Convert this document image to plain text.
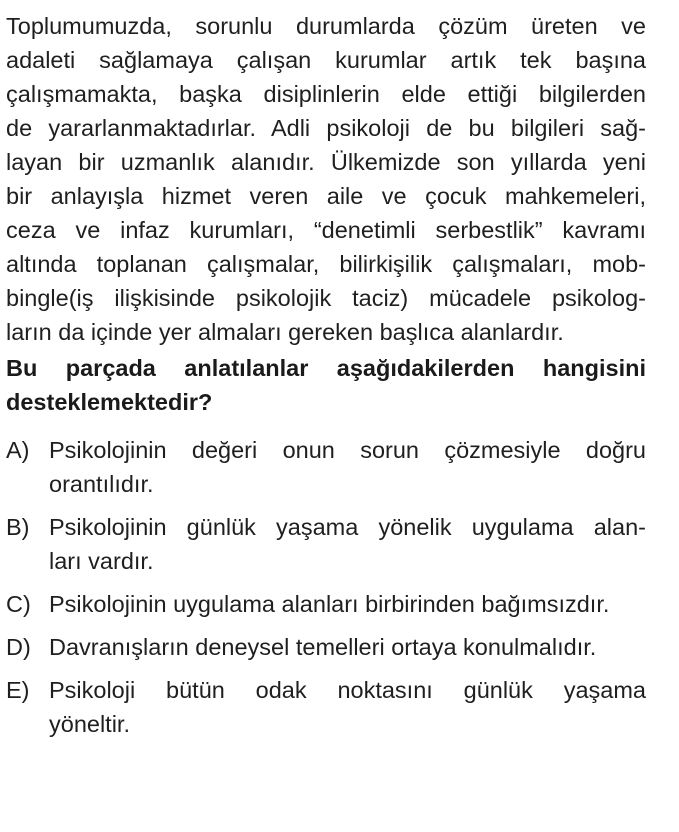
Toplumumuzda, sorunlu durumlarda çözüm üreten ve
adaleti sağlamaya çalışan kurumlar artık tek başına
çalışmamakta, başka disiplinlerin elde ettiği bilgilerden
de yararlanmaktadırlar. Adli psikoloji de bu bilgileri sağ-
layan bir uzmanlık alanıdır. Ülkemizde son yıllarda yeni
bir anlayışla hizmet veren aile ve çocuk mahkemeleri,
ceza ve infaz kurumları, “denetimli serbestlik” kavramı
altında toplanan çalışmalar, bilirkişilik çalışmaları, mob-
bingle(iş ilişkisinde psikolojik taciz) mücadele psikolog-
ların da içinde yer almaları gereken başlıca alanlardır.
Bu parçada anlatılanlar aşağıdakilerden hangisini
desteklemektedir?
A) Psikolojinin değeri onun sorun çözmesiyle doğru
orantılıdır.
B) Psikolojinin günlük yaşama yönelik uygulama alan-
ları vardır.
C) Psikolojinin uygulama alanları birbirinden bağımsızdır.
D) Davranışların deneysel temelleri ortaya konulmalıdır.
E) Psikoloji bütün odak noktasını günlük yaşama
yöneltir.
